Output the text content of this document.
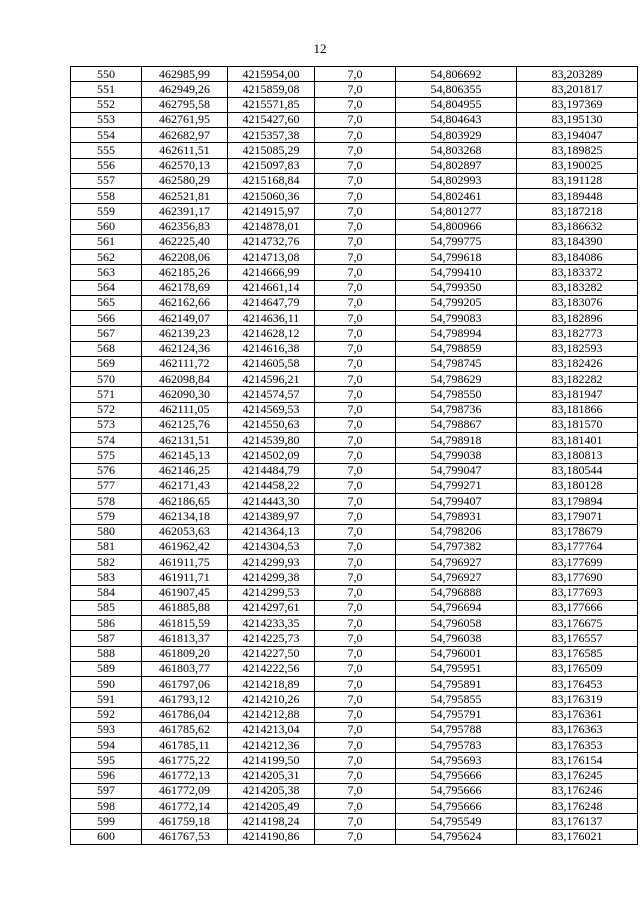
12
550	462985,99	4215954,00	7,0	54,806692	83,203289
551	462949,26	4215859,08	7,0	54,806355	83,201817
552	462795,58	4215571,85	7,0	54,804955	83,197369
553	462761,95	4215427,60	7,0	54,804643	83,195130
554	462682,97	4215357,38	7,0	54,803929	83,194047
555	462611,51	4215085,29	7,0	54,803268	83,189825
556	462570,13	4215097,83	7,0	54,802897	83,190025
557	462580,29	4215168,84	7,0	54,802993	83,191128
558	462521,81	4215060,36	7,0	54,802461	83,189448
559	462391,17	4214915,97	7,0	54,801277	83,187218
560	462356,83	4214878,01	7,0	54,800966	83,186632
561	462225,40	4214732,76	7,0	54,799775	83,184390
562	462208,06	4214713,08	7,0	54,799618	83,184086
563	462185,26	4214666,99	7,0	54,799410	83,183372
564	462178,69	4214661,14	7,0	54,799350	83,183282
565	462162,66	4214647,79	7,0	54,799205	83,183076
566	462149,07	4214636,11	7,0	54,799083	83,182896
567	462139,23	4214628,12	7,0	54,798994	83,182773
568	462124,36	4214616,38	7,0	54,798859	83,182593
569	462111,72	4214605,58	7,0	54,798745	83,182426
570	462098,84	4214596,21	7,0	54,798629	83,182282
571	462090,30	4214574,57	7,0	54,798550	83,181947
572	462111,05	4214569,53	7,0	54,798736	83,181866
573	462125,76	4214550,63	7,0	54,798867	83,181570
574	462131,51	4214539,80	7,0	54,798918	83,181401
575	462145,13	4214502,09	7,0	54,799038	83,180813
576	462146,25	4214484,79	7,0	54,799047	83,180544
577	462171,43	4214458,22	7,0	54,799271	83,180128
578	462186,65	4214443,30	7,0	54,799407	83,179894
579	462134,18	4214389,97	7,0	54,798931	83,179071
580	462053,63	4214364,13	7,0	54,798206	83,178679
581	461962,42	4214304,53	7,0	54,797382	83,177764
582	461911,75	4214299,93	7,0	54,796927	83,177699
583	461911,71	4214299,38	7,0	54,796927	83,177690
584	461907,45	4214299,53	7,0	54,796888	83,177693
585	461885,88	4214297,61	7,0	54,796694	83,177666
586	461815,59	4214233,35	7,0	54,796058	83,176675
587	461813,37	4214225,73	7,0	54,796038	83,176557
588	461809,20	4214227,50	7,0	54,796001	83,176585
589	461803,77	4214222,56	7,0	54,795951	83,176509
590	461797,06	4214218,89	7,0	54,795891	83,176453
591	461793,12	4214210,26	7,0	54,795855	83,176319
592	461786,04	4214212,88	7,0	54,795791	83,176361
593	461785,62	4214213,04	7,0	54,795788	83,176363
594	461785,11	4214212,36	7,0	54,795783	83,176353
595	461775,22	4214199,50	7,0	54,795693	83,176154
596	461772,13	4214205,31	7,0	54,795666	83,176245
597	461772,09	4214205,38	7,0	54,795666	83,176246
598	461772,14	4214205,49	7,0	54,795666	83,176248
599	461759,18	4214198,24	7,0	54,795549	83,176137
600	461767,53	4214190,86	7,0	54,795624	83,176021
